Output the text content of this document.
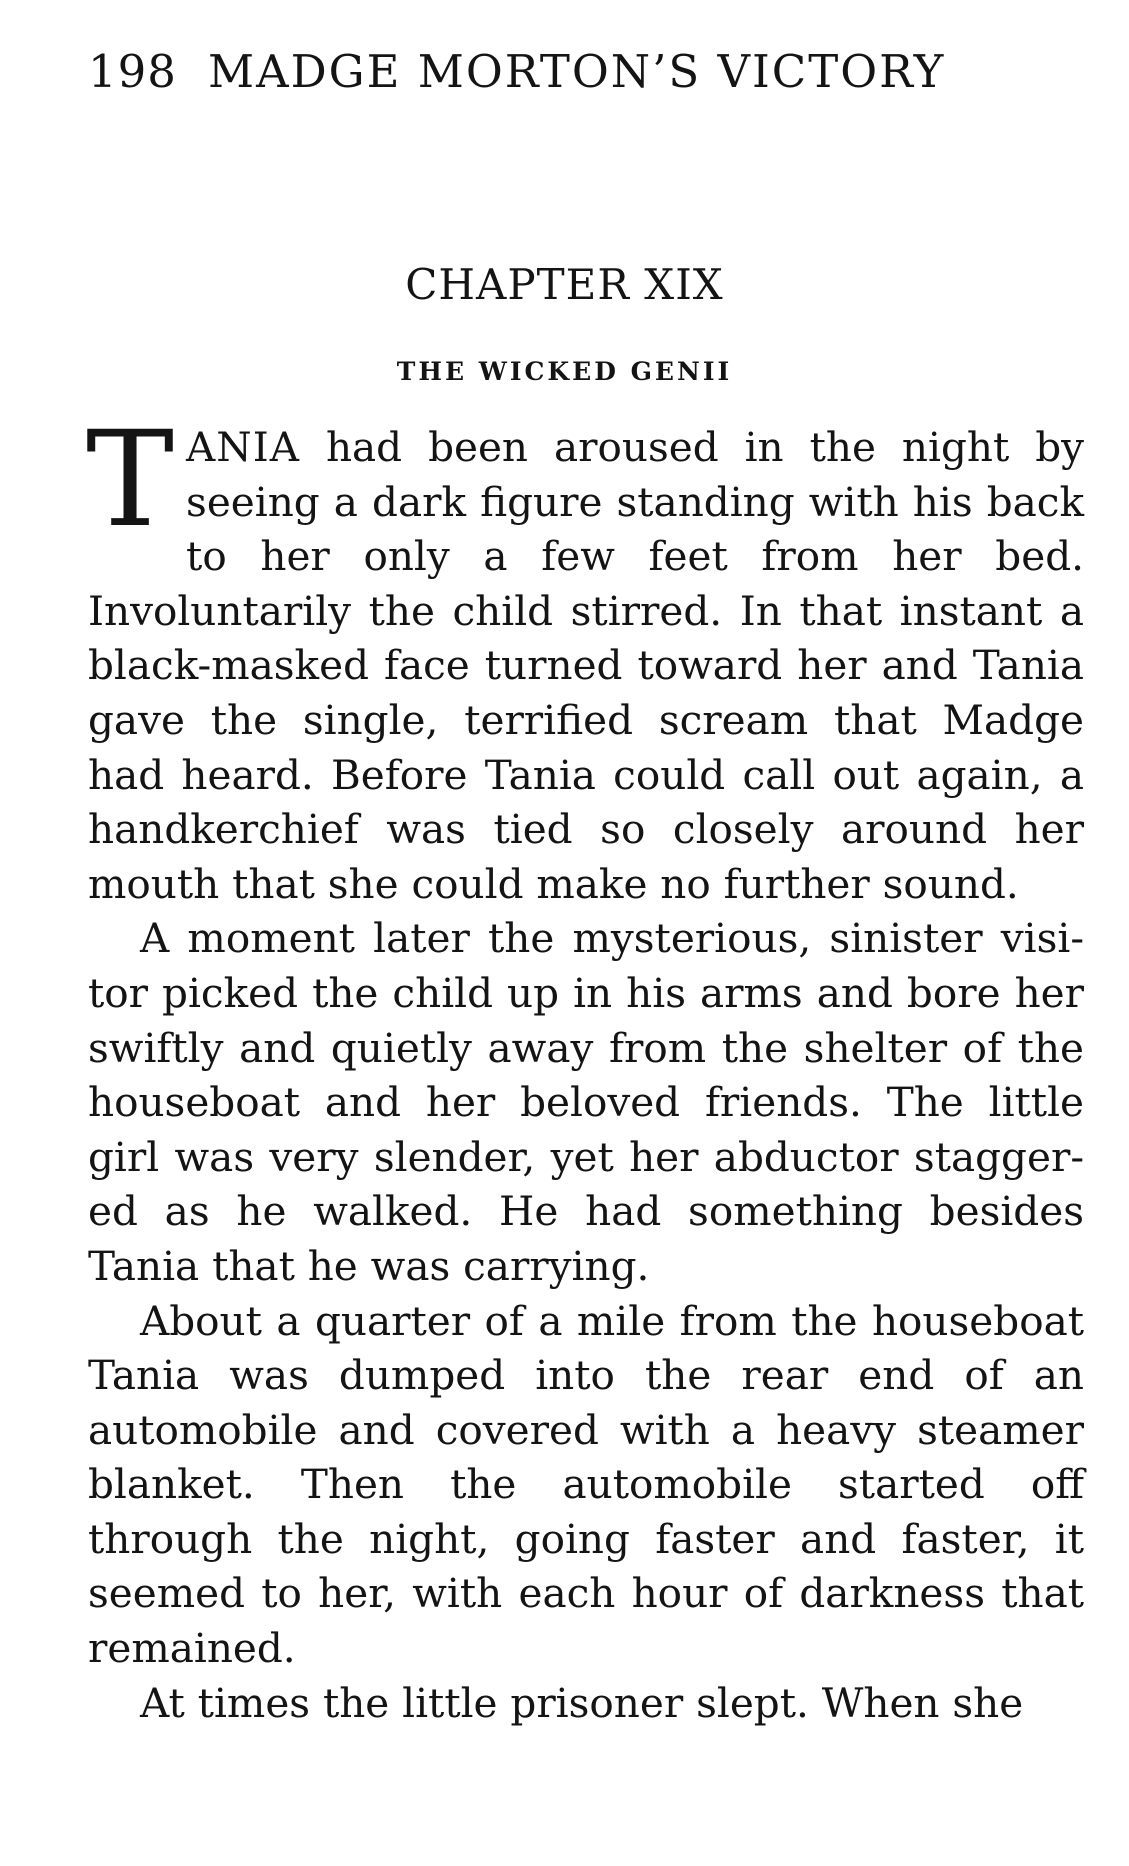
198 MADGE MORTON’S VICTORY
CHAPTER XIX
THE WICKED GENII

TANIA had been aroused in the night by seeing a dark figure standing with his back to her only a few feet from her bed. Involuntarily the child stirred. In that instant a black-masked face turned toward her and Tania gave the single, terrified scream that Madge had heard. Before Tania could call out again, a handkerchief was tied so closely around her mouth that she could make no further sound.

A moment later the mysterious, sinister visitor picked the child up in his arms and bore her swiftly and quietly away from the shelter of the houseboat and her beloved friends. The little girl was very slender, yet her abductor staggered as he walked. He had something besides Tania that he was carrying.

About a quarter of a mile from the houseboat Tania was dumped into the rear end of an automobile and covered with a heavy steamer blanket. Then the automobile started off through the night, going faster and faster, it seemed to her, with each hour of darkness that remained.

At times the little prisoner slept. When she
